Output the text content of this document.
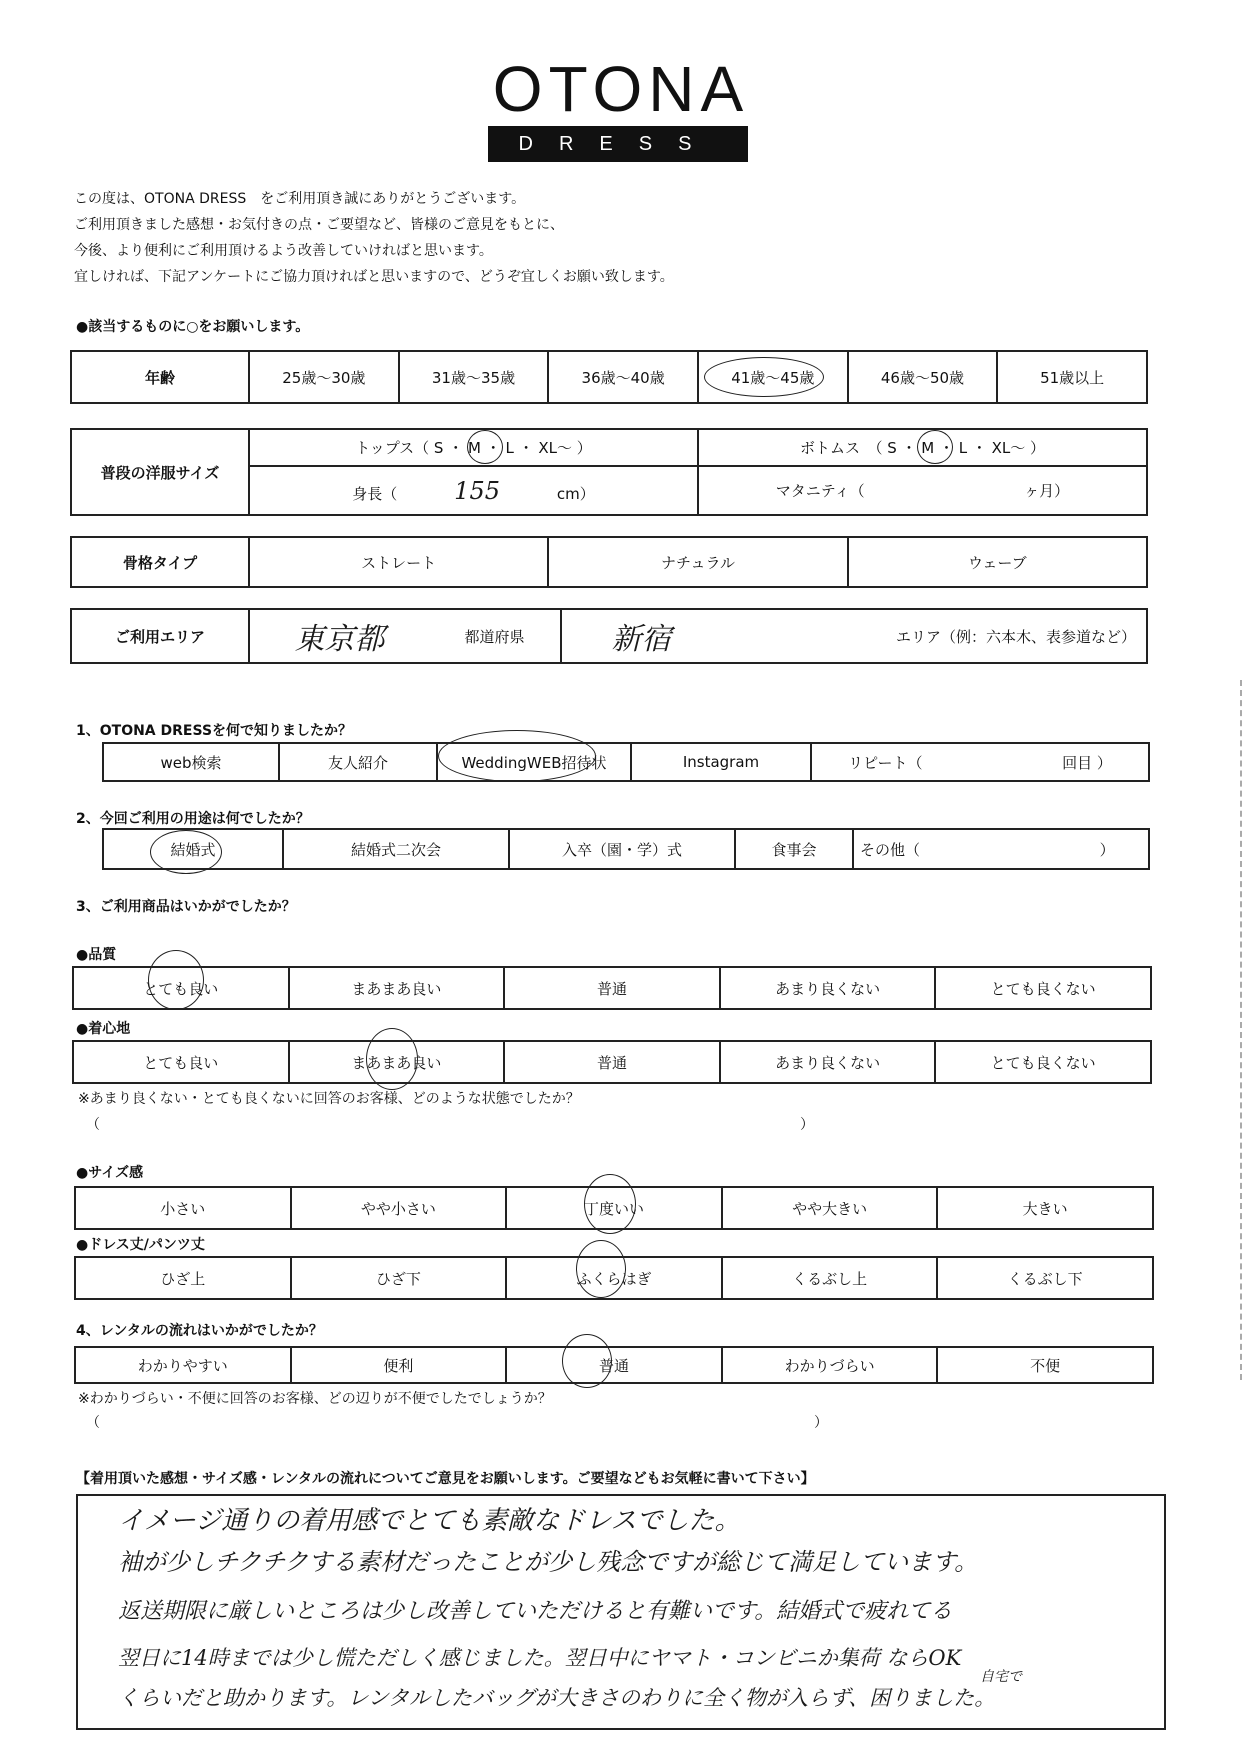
OTONA
DRESS
この度は、OTONA DRESS　をご利用頂き誠にありがとうございます。
ご利用頂きました感想・お気付きの点・ご要望など、皆様のご意見をもとに、
今後、より便利にご利用頂けるよう改善していければと思います。
宜しければ、下記アンケートにご協力頂ければと思いますので、どうぞ宜しくお願い致します。
●該当するものに○をお願いします。
年齢	25歳～30歳	31歳～35歳	36歳～40歳	41歳～45歳	46歳～50歳	51歳以上
普段の洋服サイズ	トップス（ S ・ M ・ L ・ XL～ ）	ボトムス　（ S ・ M ・ L ・ XL～ ）
	身長（ 155 cm）	マタニティ（ ヶ月）
骨格タイプ	ストレート	ナチュラル	ウェーブ
ご利用エリア	東京都	都道府県	新宿	エリア（例：六本木、表参道など）
1、OTONA DRESSを何で知りましたか？
web検索	友人紹介	WeddingWEB招待状	Instagram	リピート（	回目 ）
2、今回ご利用の用途は何でしたか？
結婚式	結婚式二次会	入卒（園・学）式	食事会	その他（	）
3、ご利用商品はいかがでしたか？
●品質
とても良い	まあまあ良い	普通	あまり良くない	とても良くない
●着心地
とても良い	まあまあ良い	普通	あまり良くない	とても良くない
※あまり良くない・とても良くないに回答のお客様、どのような状態でしたか？
（	）
●サイズ感
小さい	やや小さい	丁度いい	やや大きい	大きい
●ドレス丈/パンツ丈
ひざ上	ひざ下	ふくらはぎ	くるぶし上	くるぶし下
4、レンタルの流れはいかがでしたか？
わかりやすい	便利	普通	わかりづらい	不便
※わかりづらい・不便に回答のお客様、どの辺りが不便でしたでしょうか？
（	）
【着用頂いた感想・サイズ感・レンタルの流れについてご意見をお願いします。ご要望などもお気軽に書いて下さい】
イメージ通りの着用感でとても素敵なドレスでした。
袖が少しチクチクする素材だったことが少し残念ですが総じて満足しています。
返送期限に厳しいところは少し改善していただけると有難いです。結婚式で疲れてる
翌日に14時までは少し慌ただしく感じました。翌日中にヤマト・コンビニか集荷 ならOK
くらいだと助かります。レンタルしたバッグが大きさのわりに全く物が入らず、困りました。
自宅で
